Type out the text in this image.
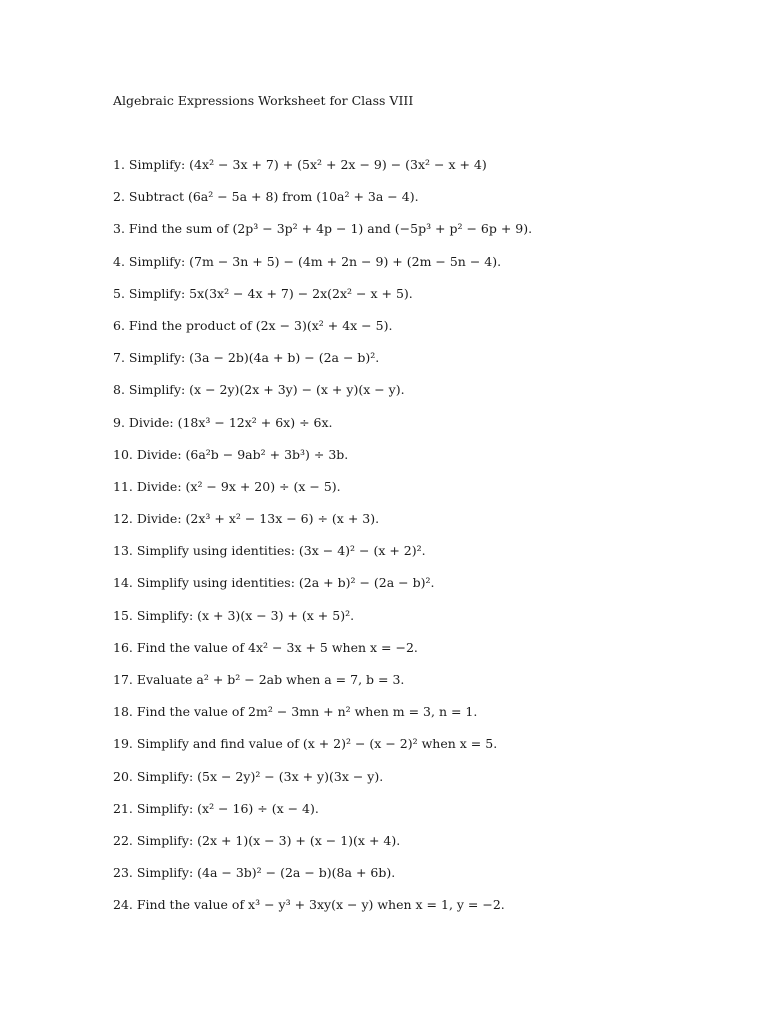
Algebraic Expressions Worksheet for Class VIII
1. Simplify: (4x² − 3x + 7) + (5x² + 2x − 9) − (3x² − x + 4)
2. Subtract (6a² − 5a + 8) from (10a² + 3a − 4).
3. Find the sum of (2p³ − 3p² + 4p − 1) and (−5p³ + p² − 6p + 9).
4. Simplify: (7m − 3n + 5) − (4m + 2n − 9) + (2m − 5n − 4).
5. Simplify: 5x(3x² − 4x + 7) − 2x(2x² − x + 5).
6. Find the product of (2x − 3)(x² + 4x − 5).
7. Simplify: (3a − 2b)(4a + b) − (2a − b)².
8. Simplify: (x − 2y)(2x + 3y) − (x + y)(x − y).
9. Divide: (18x³ − 12x² + 6x) ÷ 6x.
10. Divide: (6a²b − 9ab² + 3b³) ÷ 3b.
11. Divide: (x² − 9x + 20) ÷ (x − 5).
12. Divide: (2x³ + x² − 13x − 6) ÷ (x + 3).
13. Simplify using identities: (3x − 4)² − (x + 2)².
14. Simplify using identities: (2a + b)² − (2a − b)².
15. Simplify: (x + 3)(x − 3) + (x + 5)².
16. Find the value of 4x² − 3x + 5 when x = −2.
17. Evaluate a² + b² − 2ab when a = 7, b = 3.
18. Find the value of 2m² − 3mn + n² when m = 3, n = 1.
19. Simplify and find value of (x + 2)² − (x − 2)² when x = 5.
20. Simplify: (5x − 2y)² − (3x + y)(3x − y).
21. Simplify: (x² − 16) ÷ (x − 4).
22. Simplify: (2x + 1)(x − 3) + (x − 1)(x + 4).
23. Simplify: (4a − 3b)² − (2a − b)(8a + 6b).
24. Find the value of x³ − y³ + 3xy(x − y) when x = 1, y = −2.
